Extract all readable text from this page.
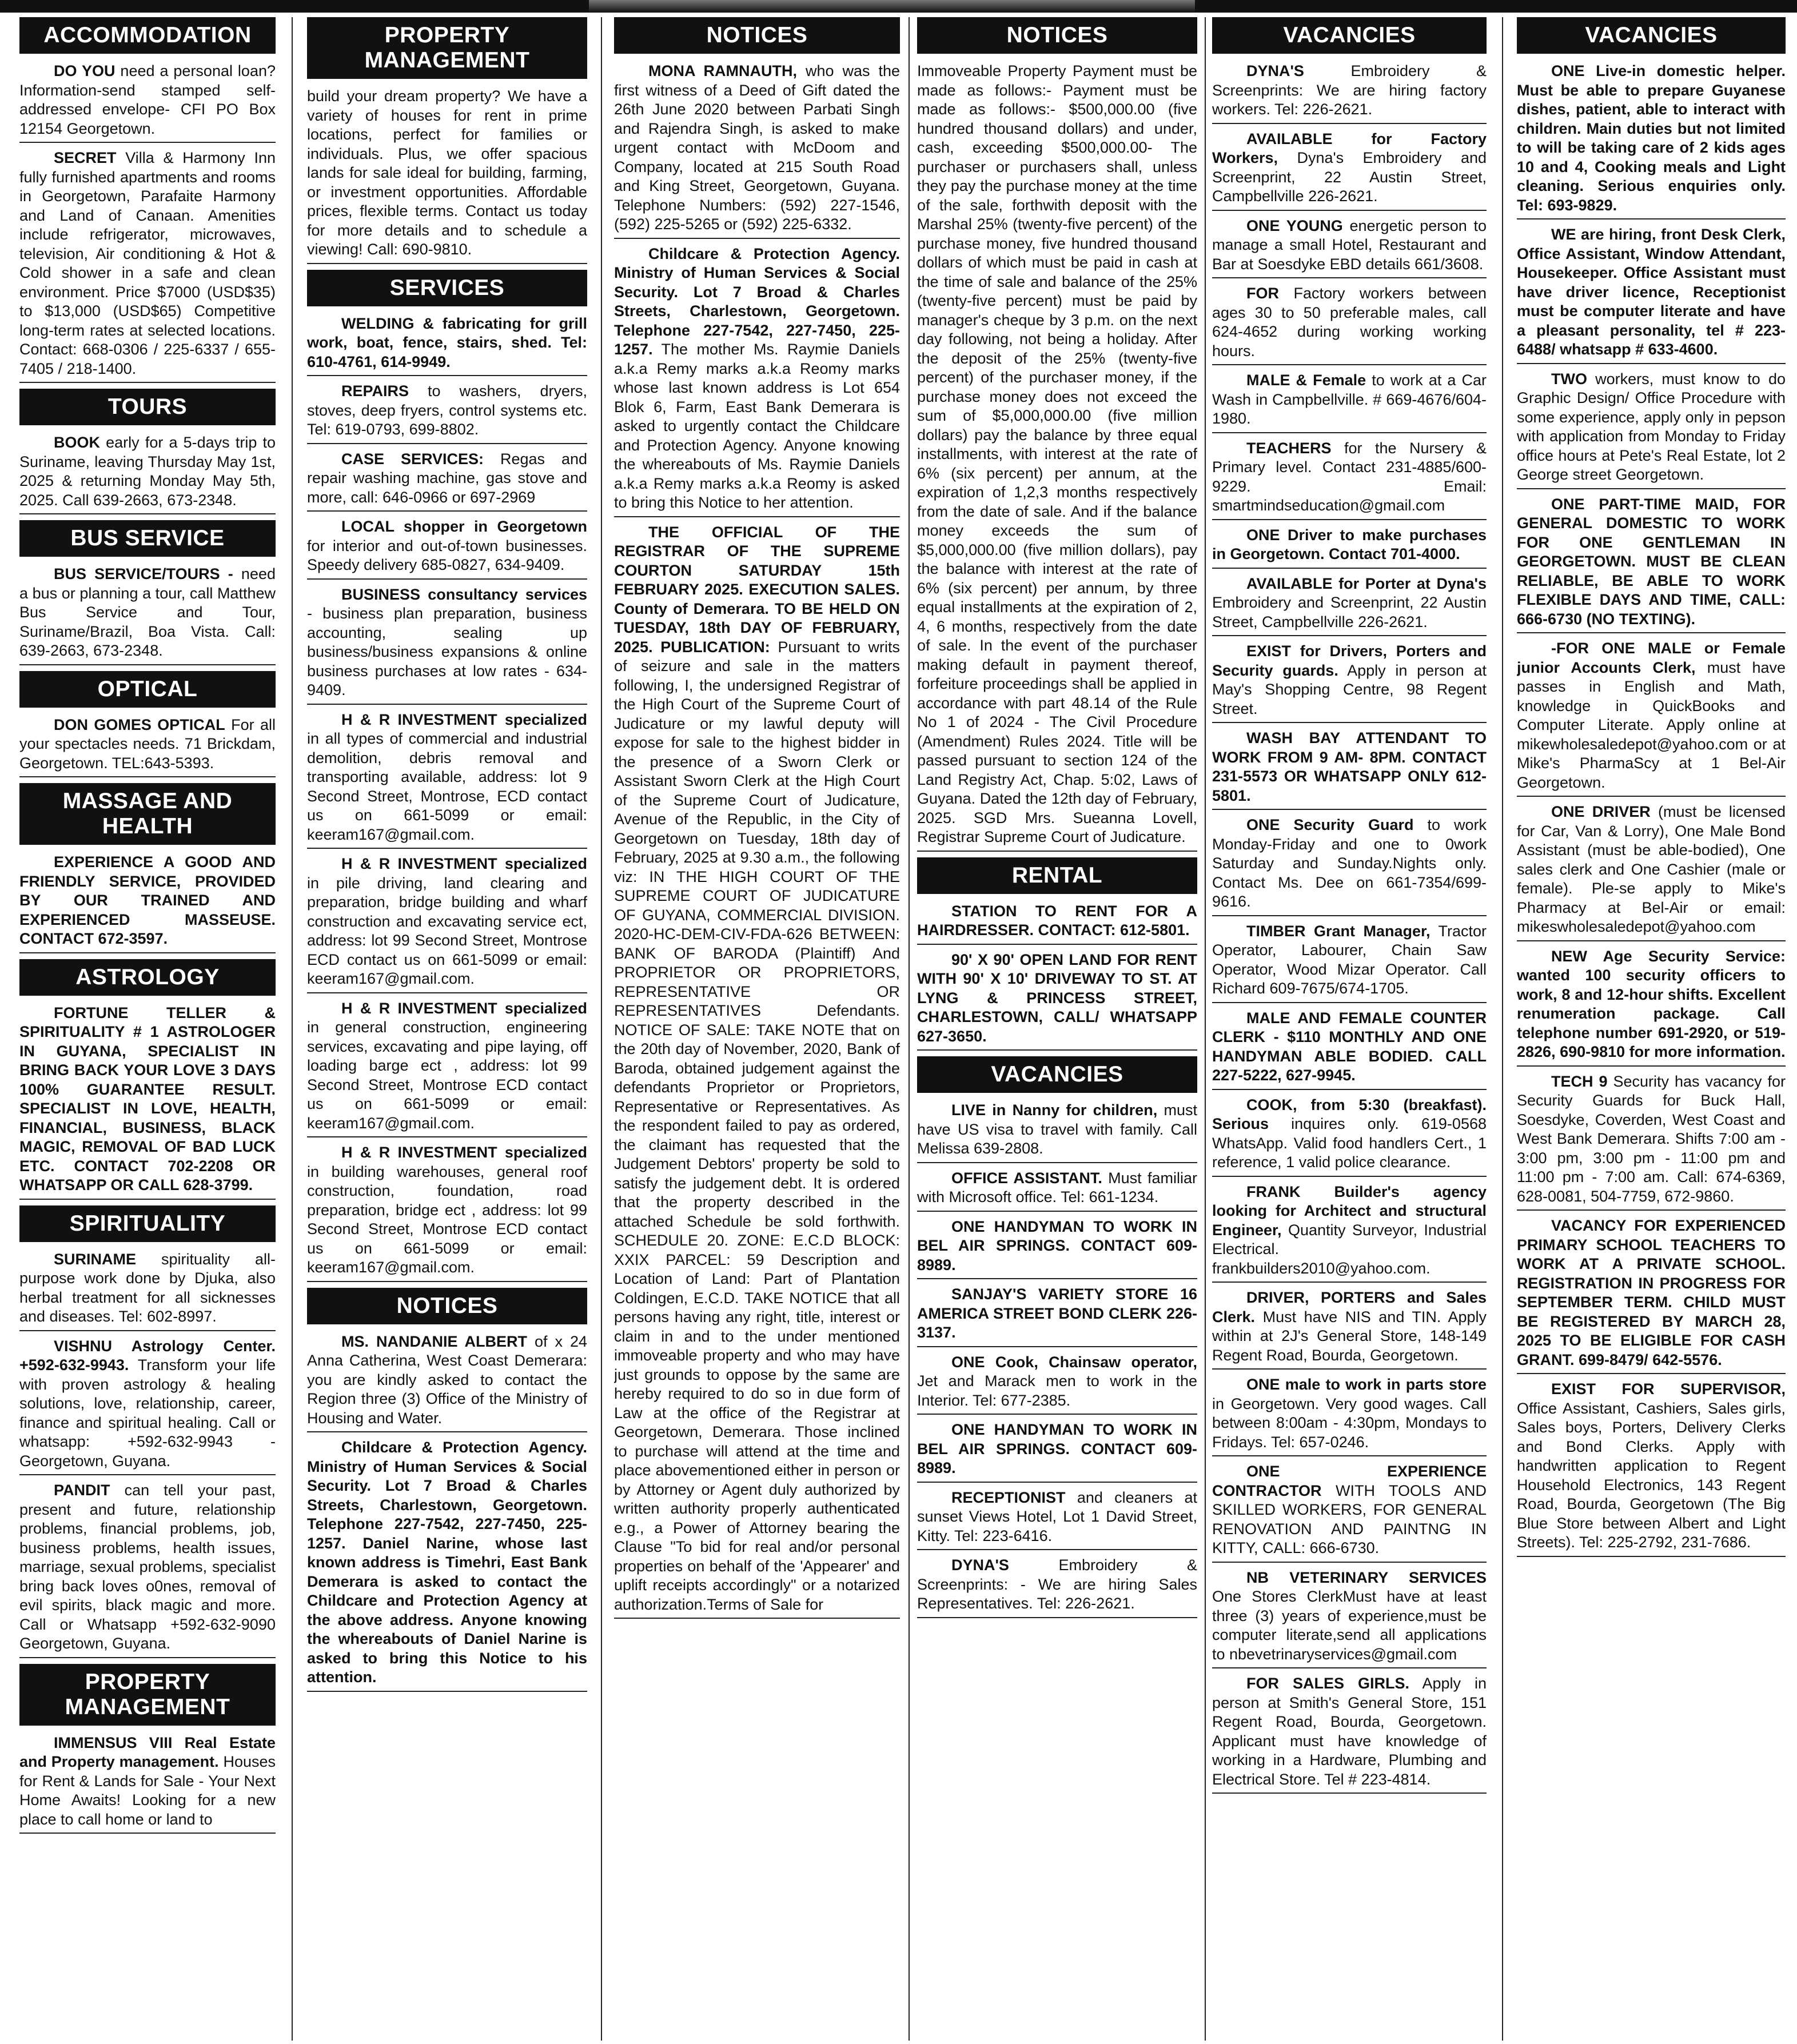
ACCOMMODATION
DO YOU need a personal loan? Information-send stamped self-addressed envelope- CFI PO Box 12154 Georgetown.
SECRET Villa & Harmony Inn fully furnished apartments and rooms in Georgetown, Parafaite Harmony and Land of Canaan. Amenities include refrigerator, microwaves, television, Air conditioning & Hot & Cold shower in a safe and clean environment. Price $7000 (USD$35) to $13,000 (USD$65) Competitive long-term rates at selected locations. Contact: 668-0306 / 225-6337 / 655-7405 / 218-1400.
TOURS
BOOK early for a 5-days trip to Suriname, leaving Thursday May 1st, 2025 & returning Monday May 5th, 2025. Call 639-2663, 673-2348.
BUS SERVICE
BUS SERVICE/TOURS - need a bus or planning a tour, call Matthew Bus Service and Tour, Suriname/Brazil, Boa Vista. Call: 639-2663, 673-2348.
OPTICAL
DON GOMES OPTICAL For all your spectacles needs. 71 Brickdam, Georgetown. TEL:643-5393.
MASSAGE AND HEALTH
EXPERIENCE A GOOD AND FRIENDLY SERVICE, PROVIDED BY OUR TRAINED AND EXPERIENCED MASSEUSE. CONTACT 672-3597.
ASTROLOGY
FORTUNE TELLER & SPIRITUALITY # 1 ASTROLOGER IN GUYANA, SPECIALIST IN BRING BACK YOUR LOVE 3 DAYS 100% GUARANTEE RESULT. SPECIALIST IN LOVE, HEALTH, FINANCIAL, BUSINESS, BLACK MAGIC, REMOVAL OF BAD LUCK ETC. CONTACT 702-2208 OR WHATSAPP OR CALL 628-3799.
SPIRITUALITY
SURINAME spirituality all-purpose work done by Djuka, also herbal treatment for all sicknesses and diseases. Tel: 602-8997.
VISHNU Astrology Center. +592-632-9943. Transform your life with proven astrology & healing solutions, love, relationship, career, finance and spiritual healing. Call or whatsapp: +592-632-9943 - Georgetown, Guyana.
PANDIT can tell your past, present and future, relationship problems, financial problems, job, business problems, health issues, marriage, sexual problems, specialist bring back loves o0nes, removal of evil spirits, black magic and more. Call or Whatsapp +592-632-9090 Georgetown, Guyana.
PROPERTY MANAGEMENT
IMMENSUS VIII Real Estate and Property management. Houses for Rent & Lands for Sale - Your Next Home Awaits! Looking for a new place to call home or land to
PROPERTY MANAGEMENT
build your dream property? We have a variety of houses for rent in prime locations, perfect for families or individuals. Plus, we offer spacious lands for sale ideal for building, farming, or investment opportunities. Affordable prices, flexible terms. Contact us today for more details and to schedule a viewing! Call: 690-9810.
SERVICES
WELDING & fabricating for grill work, boat, fence, stairs, shed. Tel: 610-4761, 614-9949.
REPAIRS to washers, dryers, stoves, deep fryers, control systems etc. Tel: 619-0793, 699-8802.
CASE SERVICES: Regas and repair washing machine, gas stove and more, call: 646-0966 or 697-2969
LOCAL shopper in Georgetown for interior and out-of-town businesses. Speedy delivery 685-0827, 634-9409.
BUSINESS consultancy services - business plan preparation, business accounting, sealing up business/business expansions & online business purchases at low rates - 634-9409.
H & R INVESTMENT specialized in all types of commercial and industrial demolition, debris removal and transporting available, address: lot 9 Second Street, Montrose, ECD contact us on 661-5099 or email: keeram167@gmail.com.
H & R INVESTMENT specialized in pile driving, land clearing and preparation, bridge building and wharf construction and excavating service ect, address: lot 99 Second Street, Montrose ECD contact us on 661-5099 or email: keeram167@gmail.com.
H & R INVESTMENT specialized in general construction, engineering services, excavating and pipe laying, off loading barge ect , address: lot 99 Second Street, Montrose ECD contact us on 661-5099 or email: keeram167@gmail.com.
H & R INVESTMENT specialized in building warehouses, general roof construction, foundation, road preparation, bridge ect , address: lot 99 Second Street, Montrose ECD contact us on 661-5099 or email: keeram167@gmail.com.
NOTICES
MS. NANDANIE ALBERT of x 24 Anna Catherina, West Coast Demerara: you are kindly asked to contact the Region three (3) Office of the Ministry of Housing and Water.
Childcare & Protection Agency. Ministry of Human Services & Social Security. Lot 7 Broad & Charles Streets, Charlestown, Georgetown. Telephone 227-7542, 227-7450, 225-1257. Daniel Narine, whose last known address is Timehri, East Bank Demerara is asked to contact the Childcare and Protection Agency at the above address. Anyone knowing the whereabouts of Daniel Narine is asked to bring this Notice to his attention.
NOTICES
MONA RAMNAUTH, who was the first witness of a Deed of Gift dated the 26th June 2020 between Parbati Singh and Rajendra Singh, is asked to make urgent contact with McDoom and Company, located at 215 South Road and King Street, Georgetown, Guyana. Telephone Numbers: (592) 227-1546, (592) 225-5265 or (592) 225-6332.
Childcare & Protection Agency. Ministry of Human Services & Social Security. Lot 7 Broad & Charles Streets, Charlestown, Georgetown. Telephone 227-7542, 227-7450, 225-1257. The mother Ms. Raymie Daniels a.k.a Remy marks a.k.a Reomy marks whose last known address is Lot 654 Blok 6, Farm, East Bank Demerara is asked to urgently contact the Childcare and Protection Agency. Anyone knowing the whereabouts of Ms. Raymie Daniels a.k.a Remy marks a.k.a Reomy is asked to bring this Notice to her attention.
THE OFFICIAL OF THE REGISTRAR OF THE SUPREME COURTON SATURDAY 15th FEBRUARY 2025. EXECUTION SALES. County of Demerara. TO BE HELD ON TUESDAY, 18th DAY OF FEBRUARY, 2025. PUBLICATION: Pursuant to writs of seizure and sale in the matters following, I, the undersigned Registrar of the High Court of the Supreme Court of Judicature or my lawful deputy will expose for sale to the highest bidder in the presence of a Sworn Clerk or Assistant Sworn Clerk at the High Court of the Supreme Court of Judicature, Avenue of the Republic, in the City of Georgetown on Tuesday, 18th day of February, 2025 at 9.30 a.m., the following viz: IN THE HIGH COURT OF THE SUPREME COURT OF JUDICATURE OF GUYANA, COMMERCIAL DIVISION. 2020-HC-DEM-CIV-FDA-626 BETWEEN: BANK OF BARODA (Plaintiff) And PROPRIETOR OR PROPRIETORS, REPRESENTATIVE OR REPRESENTATIVES Defendants. NOTICE OF SALE: TAKE NOTE that on the 20th day of November, 2020, Bank of Baroda, obtained judgement against the defendants Proprietor or Proprietors, Representative or Representatives. As the respondent failed to pay as ordered, the claimant has requested that the Judgement Debtors' property be sold to satisfy the judgement debt. It is ordered that the property described in the attached Schedule be sold forthwith. SCHEDULE 20. ZONE: E.C.D BLOCK: XXIX PARCEL: 59 Description and Location of Land: Part of Plantation Coldingen, E.C.D. TAKE NOTICE that all persons having any right, title, interest or claim in and to the under mentioned immoveable property and who may have just grounds to oppose by the same are hereby required to do so in due form of Law at the office of the Registrar at Georgetown, Demerara. Those inclined to purchase will attend at the time and place abovementioned either in person or by Attorney or Agent duly authorized by written authority properly authenticated e.g., a Power of Attorney bearing the Clause "To bid for real and/or personal properties on behalf of the 'Appearer' and uplift receipts accordingly" or a notarized authorization.Terms of Sale for
NOTICES
Immoveable Property Payment must be made as follows:- Payment must be made as follows:- $500,000.00 (five hundred thousand dollars) and under, cash, exceeding $500,000.00- The purchaser or purchasers shall, unless they pay the purchase money at the time of the sale, forthwith deposit with the Marshal 25% (twenty-five percent) of the purchase money, five hundred thousand dollars of which must be paid in cash at the time of sale and balance of the 25% (twenty-five percent) must be paid by manager's cheque by 3 p.m. on the next day following, not being a holiday. After the deposit of the 25% (twenty-five percent) of the purchaser money, if the purchase money does not exceed the sum of $5,000,000.00 (five million dollars) pay the balance by three equal installments, with interest at the rate of 6% (six percent) per annum, at the expiration of 1,2,3 months respectively from the date of sale. And if the balance money exceeds the sum of $5,000,000.00 (five million dollars), pay the balance with interest at the rate of 6% (six percent) per annum, by three equal installments at the expiration of 2, 4, 6 months, respectively from the date of sale. In the event of the purchaser making default in payment thereof, forfeiture proceedings shall be applied in accordance with part 48.14 of the Rule No 1 of 2024 - The Civil Procedure (Amendment) Rules 2024. Title will be passed pursuant to section 124 of the Land Registry Act, Chap. 5:02, Laws of Guyana. Dated the 12th day of February, 2025. SGD Mrs. Sueanna Lovell, Registrar Supreme Court of Judicature.
RENTAL
STATION TO RENT FOR A HAIRDRESSER. CONTACT: 612-5801.
90' X 90' OPEN LAND FOR RENT WITH 90' X 10' DRIVEWAY TO ST. AT LYNG & PRINCESS STREET, CHARLESTOWN, CALL/ WHATSAPP 627-3650.
VACANCIES
LIVE in Nanny for children, must have US visa to travel with family. Call Melissa 639-2808.
OFFICE ASSISTANT. Must familiar with Microsoft office. Tel: 661-1234.
ONE HANDYMAN TO WORK IN BEL AIR SPRINGS. CONTACT 609-8989.
SANJAY'S VARIETY STORE 16 AMERICA STREET BOND CLERK 226-3137.
ONE Cook, Chainsaw operator, Jet and Marack men to work in the Interior. Tel: 677-2385.
ONE HANDYMAN TO WORK IN BEL AIR SPRINGS. CONTACT 609-8989.
RECEPTIONIST and cleaners at sunset Views Hotel, Lot 1 David Street, Kitty. Tel: 223-6416.
DYNA'S Embroidery & Screenprints: - We are hiring Sales Representatives. Tel: 226-2621.
VACANCIES
DYNA'S Embroidery & Screenprints: We are hiring factory workers. Tel: 226-2621.
AVAILABLE for Factory Workers, Dyna's Embroidery and Screenprint, 22 Austin Street, Campbellville 226-2621.
ONE YOUNG energetic person to manage a small Hotel, Restaurant and Bar at Soesdyke EBD details 661/3608.
FOR Factory workers between ages 30 to 50 preferable males, call 624-4652 during working working hours.
MALE & Female to work at a Car Wash in Campbellville. # 669-4676/604-1980.
TEACHERS for the Nursery & Primary level. Contact 231-4885/600-9229. Email: smartmindseducation@gmail.com
ONE Driver to make purchases in Georgetown. Contact 701-4000.
AVAILABLE for Porter at Dyna's Embroidery and Screenprint, 22 Austin Street, Campbellville 226-2621.
EXIST for Drivers, Porters and Security guards. Apply in person at May's Shopping Centre, 98 Regent Street.
WASH BAY ATTENDANT TO WORK FROM 9 AM- 8PM. CONTACT 231-5573 OR WHATSAPP ONLY 612-5801.
ONE Security Guard to work Monday-Friday and one to 0work Saturday and Sunday.Nights only. Contact Ms. Dee on 661-7354/699-9616.
TIMBER Grant Manager, Tractor Operator, Labourer, Chain Saw Operator, Wood Mizar Operator. Call Richard 609-7675/674-1705.
MALE AND FEMALE COUNTER CLERK - $110 MONTHLY AND ONE HANDYMAN ABLE BODIED. CALL 227-5222, 627-9945.
COOK, from 5:30 (breakfast). Serious inquires only. 619-0568 WhatsApp. Valid food handlers Cert., 1 reference, 1 valid police clearance.
FRANK Builder's agency looking for Architect and structural Engineer, Quantity Surveyor, Industrial Electrical. frankbuilders2010@yahoo.com.
DRIVER, PORTERS and Sales Clerk. Must have NIS and TIN. Apply within at 2J's General Store, 148-149 Regent Road, Bourda, Georgetown.
ONE male to work in parts store in Georgetown. Very good wages. Call between 8:00am - 4:30pm, Mondays to Fridays. Tel: 657-0246.
ONE EXPERIENCE CONTRACTOR WITH TOOLS AND SKILLED WORKERS, FOR GENERAL RENOVATION AND PAINTNG IN KITTY, CALL: 666-6730.
NB VETERINARY SERVICES One Stores ClerkMust have at least three (3) years of experience,must be computer literate,send all applications to nbevetrinaryservices@gmail.com
FOR SALES GIRLS. Apply in person at Smith's General Store, 151 Regent Road, Bourda, Georgetown. Applicant must have knowledge of working in a Hardware, Plumbing and Electrical Store. Tel # 223-4814.
VACANCIES
ONE Live-in domestic helper. Must be able to prepare Guyanese dishes, patient, able to interact with children. Main duties but not limited to will be taking care of 2 kids ages 10 and 4, Cooking meals and Light cleaning. Serious enquiries only. Tel: 693-9829.
WE are hiring, front Desk Clerk, Office Assistant, Window Attendant, Housekeeper. Office Assistant must have driver licence, Receptionist must be computer literate and have a pleasant personality, tel # 223-6488/ whatsapp # 633-4600.
TWO workers, must know to do Graphic Design/ Office Procedure with some experience, apply only in pepson with application from Monday to Friday office hours at Pete's Real Estate, lot 2 George street Georgetown.
ONE PART-TIME MAID, FOR GENERAL DOMESTIC TO WORK FOR ONE GENTLEMAN IN GEORGETOWN. MUST BE CLEAN RELIABLE, BE ABLE TO WORK FLEXIBLE DAYS AND TIME, CALL: 666-6730 (NO TEXTING).
-FOR ONE MALE or Female junior Accounts Clerk, must have passes in English and Math, knowledge in QuickBooks and Computer Literate. Apply online at mikewholesaledepot@yahoo.com or at Mike's PharmaScy at 1 Bel-Air Georgetown.
ONE DRIVER (must be licensed for Car, Van & Lorry), One Male Bond Assistant (must be able-bodied), One sales clerk and One Cashier (male or female). Ple-se apply to Mike's Pharmacy at Bel-Air or email: mikeswholesaledepot@yahoo.com
NEW Age Security Service: wanted 100 security officers to work, 8 and 12-hour shifts. Excellent renumeration package. Call telephone number 691-2920, or 519-2826, 690-9810 for more information.
TECH 9 Security has vacancy for Security Guards for Buck Hall, Soesdyke, Coverden, West Coast and West Bank Demerara. Shifts 7:00 am - 3:00 pm, 3:00 pm - 11:00 pm and 11:00 pm - 7:00 am. Call: 674-6369, 628-0081, 504-7759, 672-9860.
VACANCY FOR EXPERIENCED PRIMARY SCHOOL TEACHERS TO WORK AT A PRIVATE SCHOOL. REGISTRATION IN PROGRESS FOR SEPTEMBER TERM. CHILD MUST BE REGISTERED BY MARCH 28, 2025 TO BE ELIGIBLE FOR CASH GRANT. 699-8479/ 642-5576.
EXIST FOR SUPERVISOR, Office Assistant, Cashiers, Sales girls, Sales boys, Porters, Delivery Clerks and Bond Clerks. Apply with handwritten application to Regent Household Electronics, 143 Regent Road, Bourda, Georgetown (The Big Blue Store between Albert and Light Streets). Tel: 225-2792, 231-7686.
